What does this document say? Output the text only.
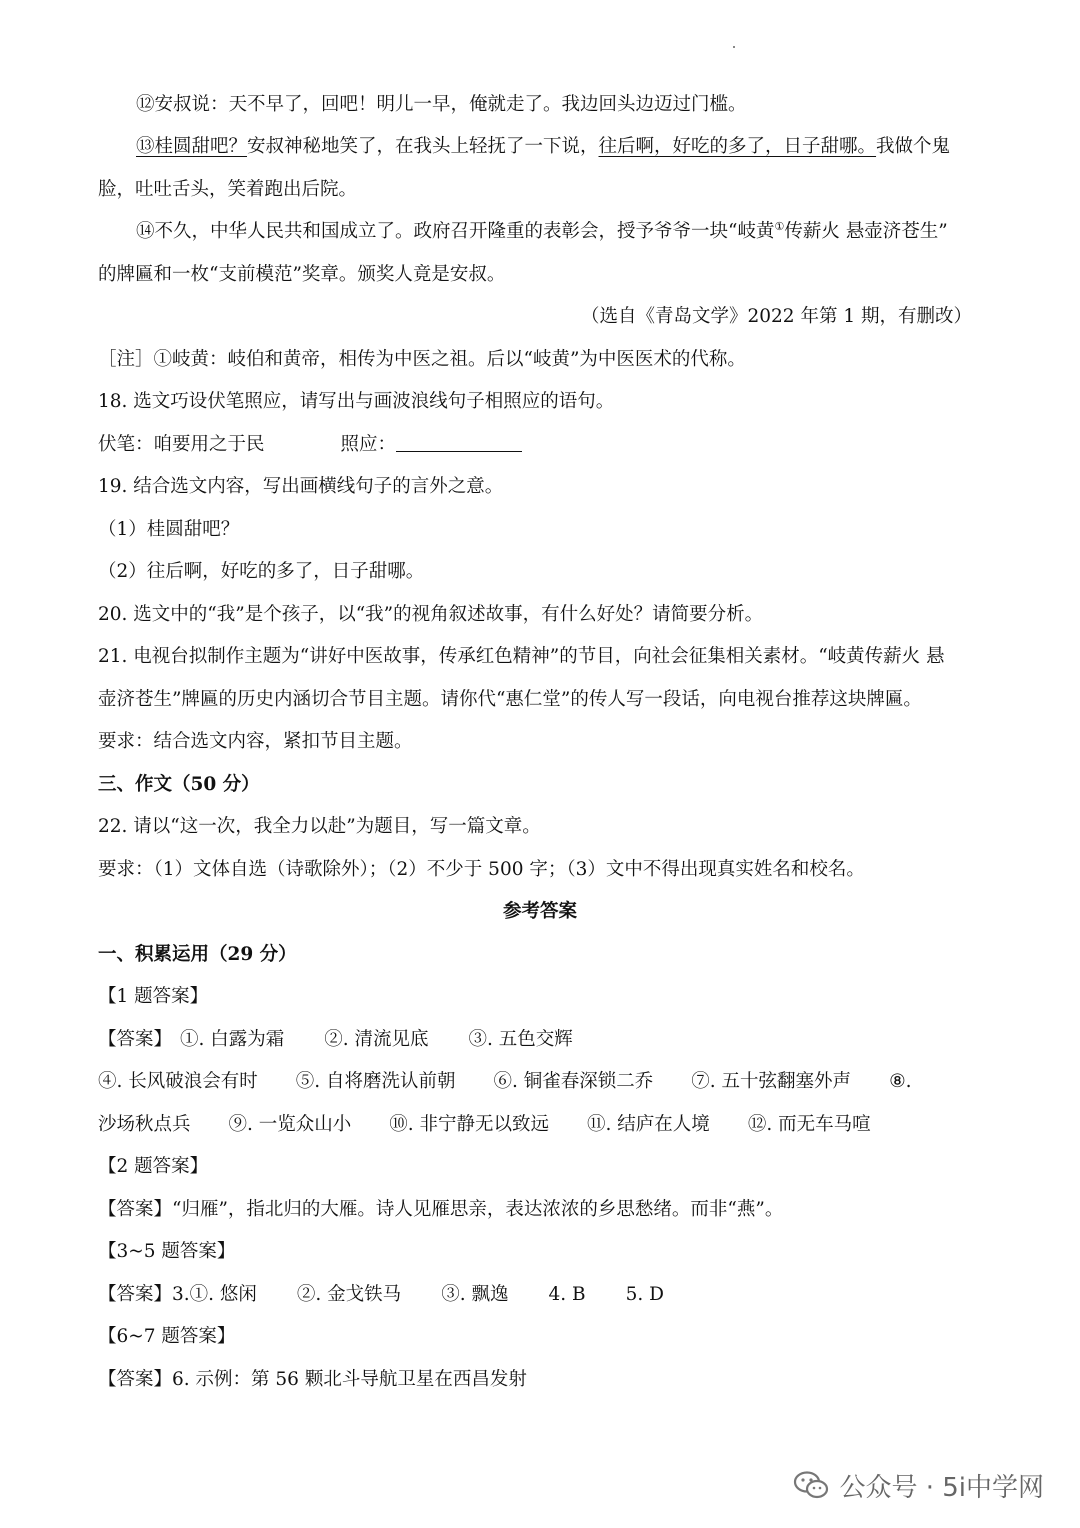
⑫安叔说：天不早了，回吧！明儿一早，俺就走了。我边回头边迈过门槛。
⑬桂圆甜吧？安叔神秘地笑了，在我头上轻抚了一下说，往后啊，好吃的多了，日子甜哪。我做个鬼
脸，吐吐舌头，笑着跑出后院。
⑭不久，中华人民共和国成立了。政府召开隆重的表彰会，授予爷爷一块“岐黄①传薪火 悬壶济苍生”
的牌匾和一枚“支前模范”奖章。颁奖人竟是安叔。
（选自《青岛文学》2022 年第 1 期，有删改）
［注］①岐黄：岐伯和黄帝，相传为中医之祖。后以“岐黄”为中医医术的代称。
18. 选文巧设伏笔照应，请写出与画波浪线句子相照应的语句。
伏笔：咱要用之于民	照应：
19. 结合选文内容，写出画横线句子的言外之意。
（1）桂圆甜吧？
（2）往后啊，好吃的多了，日子甜哪。
20. 选文中的“我”是个孩子，以“我”的视角叙述故事，有什么好处？请简要分析。
21. 电视台拟制作主题为“讲好中医故事，传承红色精神”的节目，向社会征集相关素材。“岐黄传薪火 悬
壶济苍生”牌匾的历史内涵切合节目主题。请你代“惠仁堂”的传人写一段话，向电视台推荐这块牌匾。
要求：结合选文内容，紧扣节目主题。
三、作文（50 分）
22. 请以“这一次，我全力以赴”为题目，写一篇文章。
要求：（1）文体自选（诗歌除外）；（2）不少于 500 字；（3）文中不得出现真实姓名和校名。
参考答案
一、积累运用（29 分）
【1 题答案】
【答案】 ①. 白露为霜 ②. 清流见底 ③. 五色交辉
④. 长风破浪会有时 ⑤. 自将磨洗认前朝 ⑥. 铜雀春深锁二乔 ⑦. 五十弦翻塞外声 ⑧.
沙场秋点兵 ⑨. 一览众山小 ⑩. 非宁静无以致远 ⑪. 结庐在人境 ⑫. 而无车马喧
【2 题答案】
【答案】“归雁”，指北归的大雁。诗人见雁思亲，表达浓浓的乡思愁绪。而非“燕”。
【3~5 题答案】
【答案】3.①. 悠闲 ②. 金戈铁马 ③. 飘逸 4. B 5. D
【6~7 题答案】
【答案】6. 示例：第 56 颗北斗导航卫星在西昌发射
公众号 · 5i中学网
